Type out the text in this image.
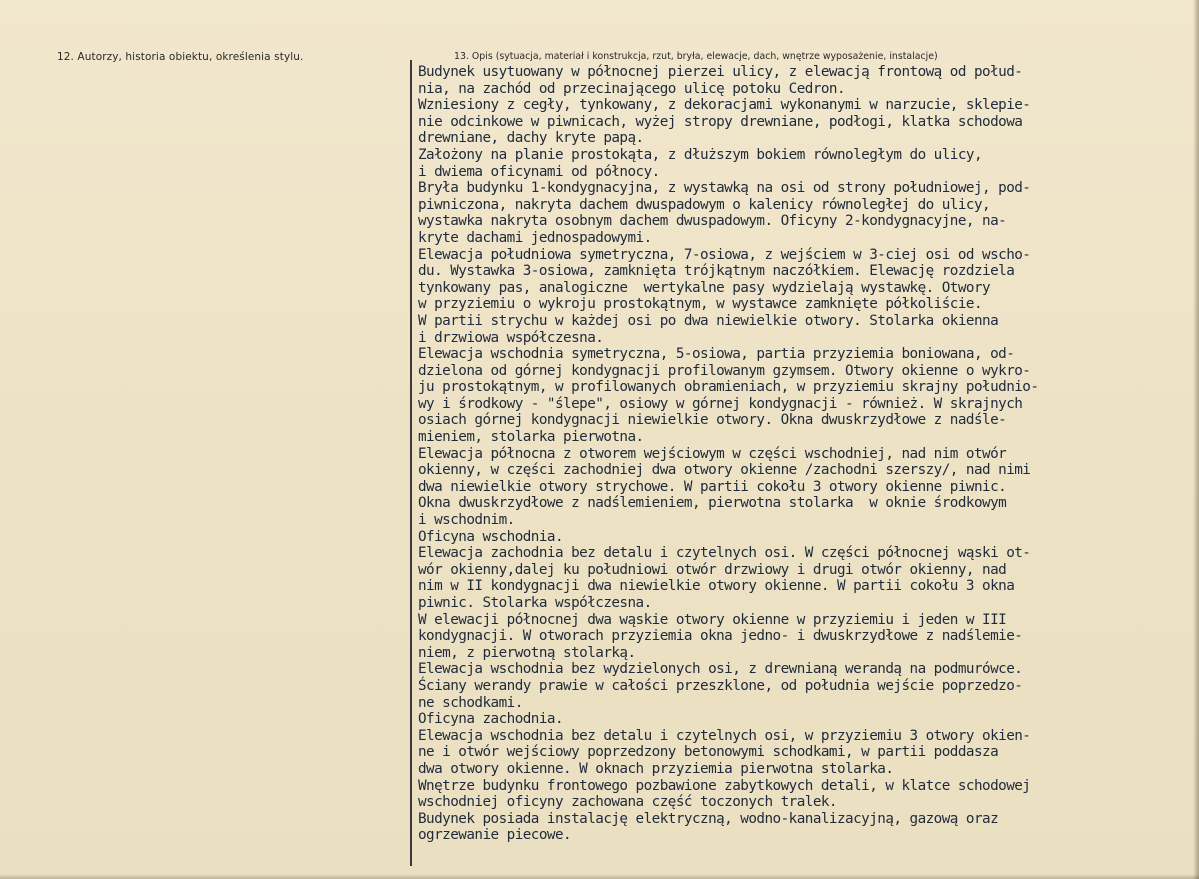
12. Autorzy, historia obiektu, określenia stylu.	13. Opis (sytuacja, materiał i konstrukcja, rzut, bryła, elewacje, dach, wnętrze wyposażenie, instalacje)
Budynek usytuowany w północnej pierzei ulicy, z elewacją frontową od połud-
nia, na zachód od przecinającego ulicę potoku Cedron.
Wzniesiony z cegły, tynkowany, z dekoracjami wykonanymi w narzucie, sklepie-
nie odcinkowe w piwnicach, wyżej stropy drewniane, podłogi, klatka schodowa
drewniane, dachy kryte papą.
Założony na planie prostokąta, z dłuższym bokiem równoległym do ulicy,
i dwiema oficynami od północy.
Bryła budynku 1-kondygnacyjna, z wystawką na osi od strony południowej, pod-
piwniczona, nakryta dachem dwuspadowym o kalenicy równoległej do ulicy,
wystawka nakryta osobnym dachem dwuspadowym. Oficyny 2-kondygnacyjne, na-
kryte dachami jednospadowymi.
Elewacja południowa symetryczna, 7-osiowa, z wejściem w 3-ciej osi od wscho-
du. Wystawka 3-osiowa, zamknięta trójkątnym naczółkiem. Elewację rozdziela
tynkowany pas, analogiczne  wertykalne pasy wydzielają wystawkę. Otwory
w przyziemiu o wykroju prostokątnym, w wystawce zamknięte półkoliście.
W partii strychu w każdej osi po dwa niewielkie otwory. Stolarka okienna
i drzwiowa współczesna.
Elewacja wschodnia symetryczna, 5-osiowa, partia przyziemia boniowana, od-
dzielona od górnej kondygnacji profilowanym gzymsem. Otwory okienne o wykro-
ju prostokątnym, w profilowanych obramieniach, w przyziemiu skrajny południo-
wy i środkowy - "ślepe", osiowy w górnej kondygnacji - również. W skrajnych
osiach górnej kondygnacji niewielkie otwory. Okna dwuskrzydłowe z nadśle-
mieniem, stolarka pierwotna.
Elewacja północna z otworem wejściowym w części wschodniej, nad nim otwór
okienny, w części zachodniej dwa otwory okienne /zachodni szerszy/, nad nimi
dwa niewielkie otwory strychowe. W partii cokołu 3 otwory okienne piwnic.
Okna dwuskrzydłowe z nadślemieniem, pierwotna stolarka  w oknie środkowym
i wschodnim.
Oficyna wschodnia.
Elewacja zachodnia bez detalu i czytelnych osi. W części północnej wąski ot-
wór okienny,dalej ku południowi otwór drzwiowy i drugi otwór okienny, nad
nim w II kondygnacji dwa niewielkie otwory okienne. W partii cokołu 3 okna
piwnic. Stolarka współczesna.
W elewacji północnej dwa wąskie otwory okienne w przyziemiu i jeden w III
kondygnacji. W otworach przyziemia okna jedno- i dwuskrzydłowe z nadślemie-
niem, z pierwotną stolarką.
Elewacja wschodnia bez wydzielonych osi, z drewnianą werandą na podmurówce.
Ściany werandy prawie w całości przeszklone, od południa wejście poprzedzo-
ne schodkami.
Oficyna zachodnia.
Elewacja wschodnia bez detalu i czytelnych osi, w przyziemiu 3 otwory okien-
ne i otwór wejściowy poprzedzony betonowymi schodkami, w partii poddasza
dwa otwory okienne. W oknach przyziemia pierwotna stolarka.
Wnętrze budynku frontowego pozbawione zabytkowych detali, w klatce schodowej
wschodniej oficyny zachowana część toczonych tralek.
Budynek posiada instalację elektryczną, wodno-kanalizacyjną, gazową oraz
ogrzewanie piecowe.
